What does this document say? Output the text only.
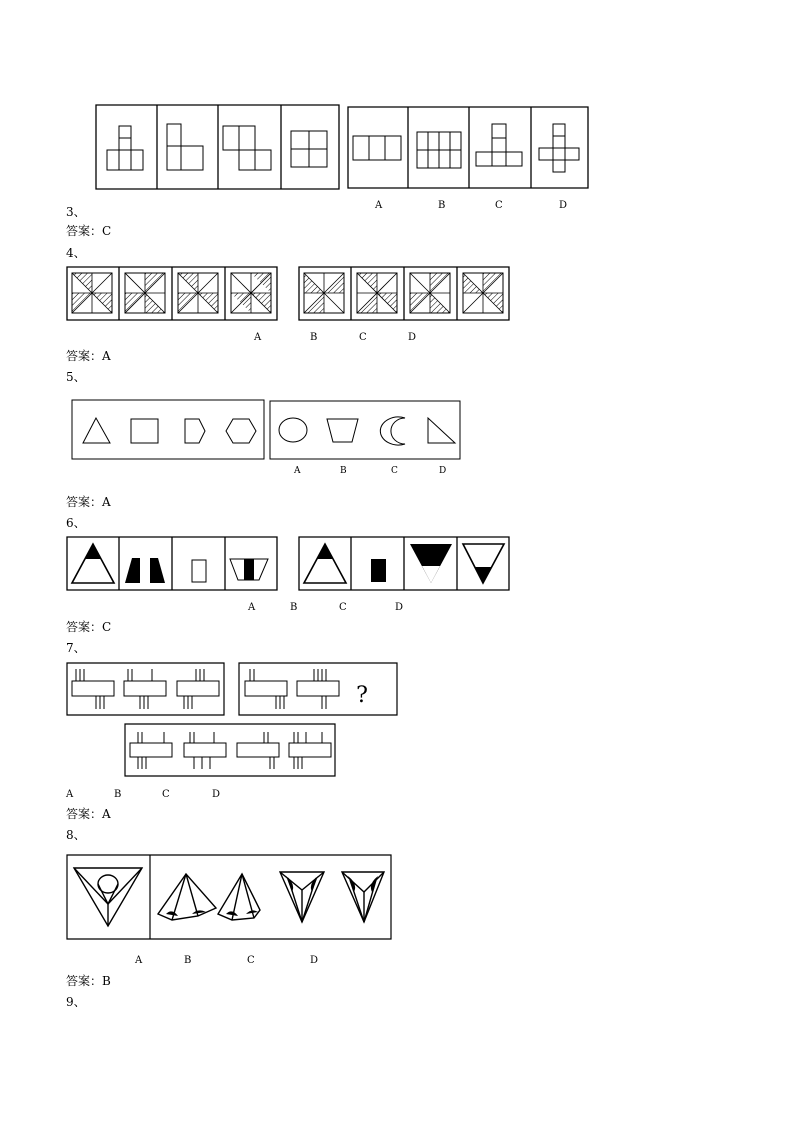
A	B	C	D
3、
答案：C
4、
A	B	C	D
答案：A
5、
A	B	C	D
答案：A
6、
A	B	C	D
答案：C
7、
?
A	B	C	D
答案：A
8、
A	B	C	D
答案：B
9、
